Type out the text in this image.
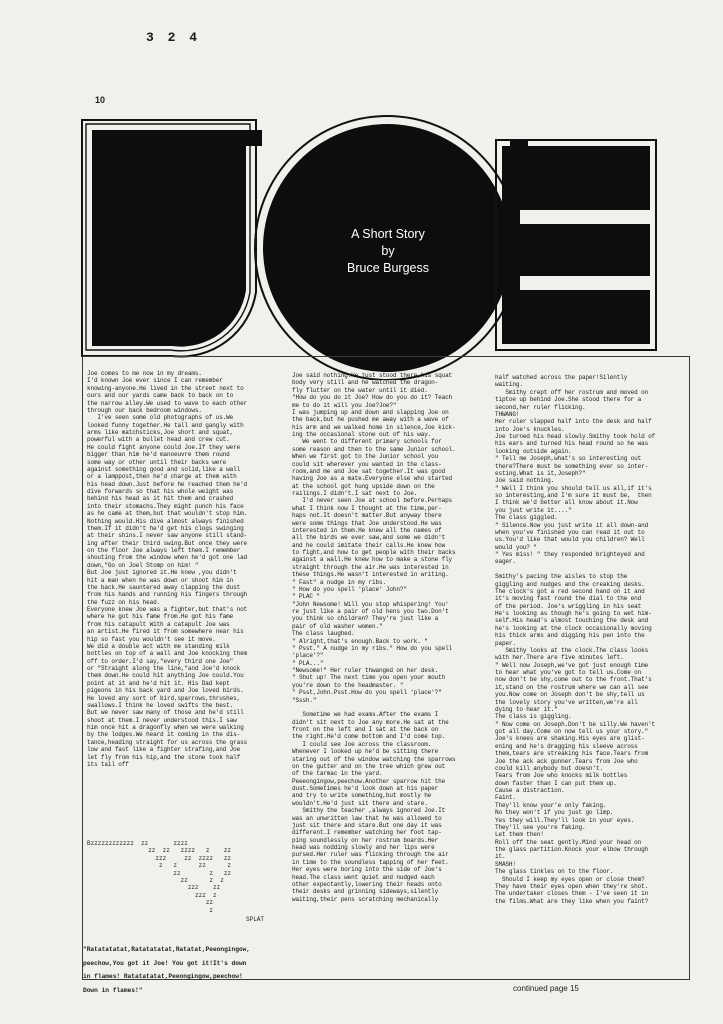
3 2 4
10
A Short Story
by
Bruce Burgess

Joe comes to me now in my dreams.

I'd known Joe ever since I can remember

knowing-anyone.He lived in the street next to

ours and our yards came back to back on to

the narrow alley.We used to wave to each other

through our back bedroom windows.

I've seen some old photographs of us.We

looked funny together.He tall and gangly with

arms like matchsticks,Joe short and squat,

powerful with a bullet head and crew cut.

He could fight anyone could Joe.If they were

bigger than him he'd manoeuvre them round

some way or other until their backs were

against something good and solid,like a wall

or a lamppost,then he'd charge at them with

his head down.Just before he reached them he'd

dive forwards so that his whole weight was

behind his head as it hit them and crashed

into their stomachs.They might punch his face

as he came at them,but that wouldn't stop him.

Nothing would.His dive almost always finished

them.If it didn't he'd get his clogs swinging

at their shins.I never saw anyone still stand-

ing after their third swing.But once they were

on the floor Joe always left them.I remember

shouting from the window when he'd got one lad

down,"Go on Joel Stomp on him! "

But Joe just ignored it.He knew ,you didn't

hit a man when he was down or shoot him in

the back.He sauntered away clapping the dust

from his hands and running his fingers through

the fuzz on his head.

Everyone knew Joe was a fighter,but that's not

where he got his fame from.He got his fame

from his catapult With a catapult Joe was

an artist.He fired it from somewhere near his

hip so fast you wouldn't see it move.

We did a double act with me standing milk

bottles on top of a wall and Joe knocking them

off to order.I'd say,"every third one Joe"

or "Straight along the line,"and Joe'd knock

them down.He could hit anything Joe could.You

point at it and he'd hit it. His Dad kept

pigeons in his back yard and Joe loved birds.

He loved any sort of bird,sparrows,thrushes,

swallows.I think he loved swifts the best.

But we never saw many of those and he'd still

shoot at them.I never understood this.I saw

him once hit a dragonfly when we were walking

by the lodges.We heard it coming in the dis-

tance,heading straight for us across the grass

low and fast like a fighter strafing,and Joe

let fly from his hip,and the stone took half

its tail off

Bzzzzzzzzzzzz  zz       zzzz
zz  zz   zzzz   z    zz
zzz     zz  zzzz   zz
z   z      zz      z
zz        z   zz
zz      z  z
zzz    zz
zzz  z
zz
z
SPLAT

"Ratatatatat,Ratatatatat,Ratatat,Peeongingow,

peechow,You got it Joe! You got it!It's down

in flames! Ratatatatat,Peeongingow,peechow!

Down in flames!"

Joe said nothing.He just stood there,his squat

body very still and he watched the dragon-

fly flutter on the water until it died.

"How do you do it Joe? How do you do it? Teach

me to do it will you Joe?Joe?"

I was jumping up and down and slapping Joe on

the back,but he pushed me away with a wave of

his arm and we walked home in silence,Joe kick-

ing the occasional stone out of his way.

We went to different primary schools for

some reason and then to the same Junior school.

When we first got to the Junior school you

could sit wherever you wanted in the class-

room,and me and Joe sat together.It was good

having Joe as a mate.Everyone else who started

at the school got hung upside down on the

railings.I didn't.I sat next to Joe.

I'd never seen Joe at school before.Perhaps

what I think now I thought at the time,per-

haps not.It doesn't matter.But anyway there

were some things that Joe understood.He was

interested in them.He knew all the names of

all the birds we ever saw,and some we didn't

and he could imitate their calls.He knew how

to fight,and how to get people with their backs

against a wall.He knew how to make a stone fly

straight through the air.He was interested in

these things.He wasn't interested in writing.

" Fast" a nudge in my ribs.

" How do you spell 'place' John?"

" PLAC "

"John Newsome! Will you stop whispering! You'

re just like a pair of old hens you two.Don't

you think so children? They're just like a

pair of old washer women."

The class laughed.

" Alright,that's enough.Back to work. "

" Psst." A nudge in my ribs." How do you spell

'place'?"

" PLA..."

"Newsome!" Her ruler thwanged on her desk.

" Shut up! The next time you open your mouth

you're down to the headmaster. "

" Psst,John.Psst.How do you spell 'place'?"

"Sssh."

Sometime we had exams.After the exams I

didn't sit next to Joe any more.He sat at the

front on the left and I sat at the back on

the right.He'd come bottom and I'd come top.

I could see Joe across the classroom.

Whenever I looked up he'd be sitting there

staring out of the window watching the sparrows

on the gutter and on the tree which grew out

of the tarmac in the yard.

Peeeongingow,peechow.Another sparrow hit the

dust.Sometimes he'd look down at his paper

and try to write something,but mostly he

wouldn't.He'd just sit there and stare.

Smithy the teacher ,always ignored Joe.It

was an unwritten law that he was allowed to

just sit there and stare.But one day it was

different.I remember watching her foot tap-

ping soundlessly on her rostrum boards.Her

head was nodding slowly and her lips were

pursed.Her ruler was flicking through the air

in time to the soundless tapping of her feet.

Her eyes were boring into the side of Joe's

head.The class went quiet and nudged each

other expectantly,lowering their heads onto

their desks and grinning sideways,silently

waiting,their pens scratching mechanically

half watched across the paper!Silently

waiting.

Smithy crept off her rostrum and moved on

tiptoe up behind Joe.She stood there for a

second,her ruler flicking.

THWANG!

Her ruler slapped half into the desk and half

into Joe's knuckles.

Joe turned his head slowly.Smithy took hold of

his ears and turned his head round so he was

looking outside again.

" Tell me Joseph,what's so interesting out

there?There must be something ever so inter-

esting.What is it,Joseph?"

Joe said nothing.

" Well I think you should tell us all,if it's

so interesting,and I'm sure it must be,  then

I think we'd better all know about it.Now

you just write it...."

The class giggled.

" Silence.Now you just write it all down-and

when you've finished you can read it out to

us.You'd like that would you children? Well

would you? "

" Yes miss! " they responded brighteyed and

eager.

Smithy's pacing the aisles to stop the

giggling and nudges and the creaking desks.

The clock's got a red second hand on it and

it's moving fast round the dial to the end

of the period. Joe's wriggling in his seat

He's looking as though he's going to wet him-

self.His head's almost touching the desk and

he's looking at the clock occasionally moving

his thick arms and digging his pen into the

paper.

Smithy looks at the clock.The class looks

with her.There are five minutes left.

" Well now Joseph,we've got just enough time

to hear what you've got to tell us.Come on

now don't be shy,come out to the front.That's

it,stand on the rostrum where we can all see

you.Now come on Joseph don't be shy,tell us

the lovely story you've written,we're all

dying to hear it."

The class is giggling.

" Now come on Joseph.Don't be silly.We haven't

got all day.Come on now tell us your story."

Joe's knees are shaking.His eyes are glist-

ening and he's dragging his sleeve across

them,tears are streaking his face.Tears from

Joe the ack ack gunner.Tears from Joe who

could kill anybody but doesn't.

Tears from Joe who knocks milk bottles

down faster than I can put them up.

Cause a distraction.

Faint.

They'll know your'e only faking.

No they won't if you just go limp.

Yes they will.They'll look in your eyes.

They'll see you're faking.

Let them then!

Roll off the seat gently.Mind your head on

the glass partition.Knock your elbow through

it.

SMASH!

The glass tinkles on to the floor.

Should I keep my eyes open or close them?

They have their eyes open when they're shot.

The undertaker closes them - I've seen it in

the films.What are they like when you faint?

continued page 15
